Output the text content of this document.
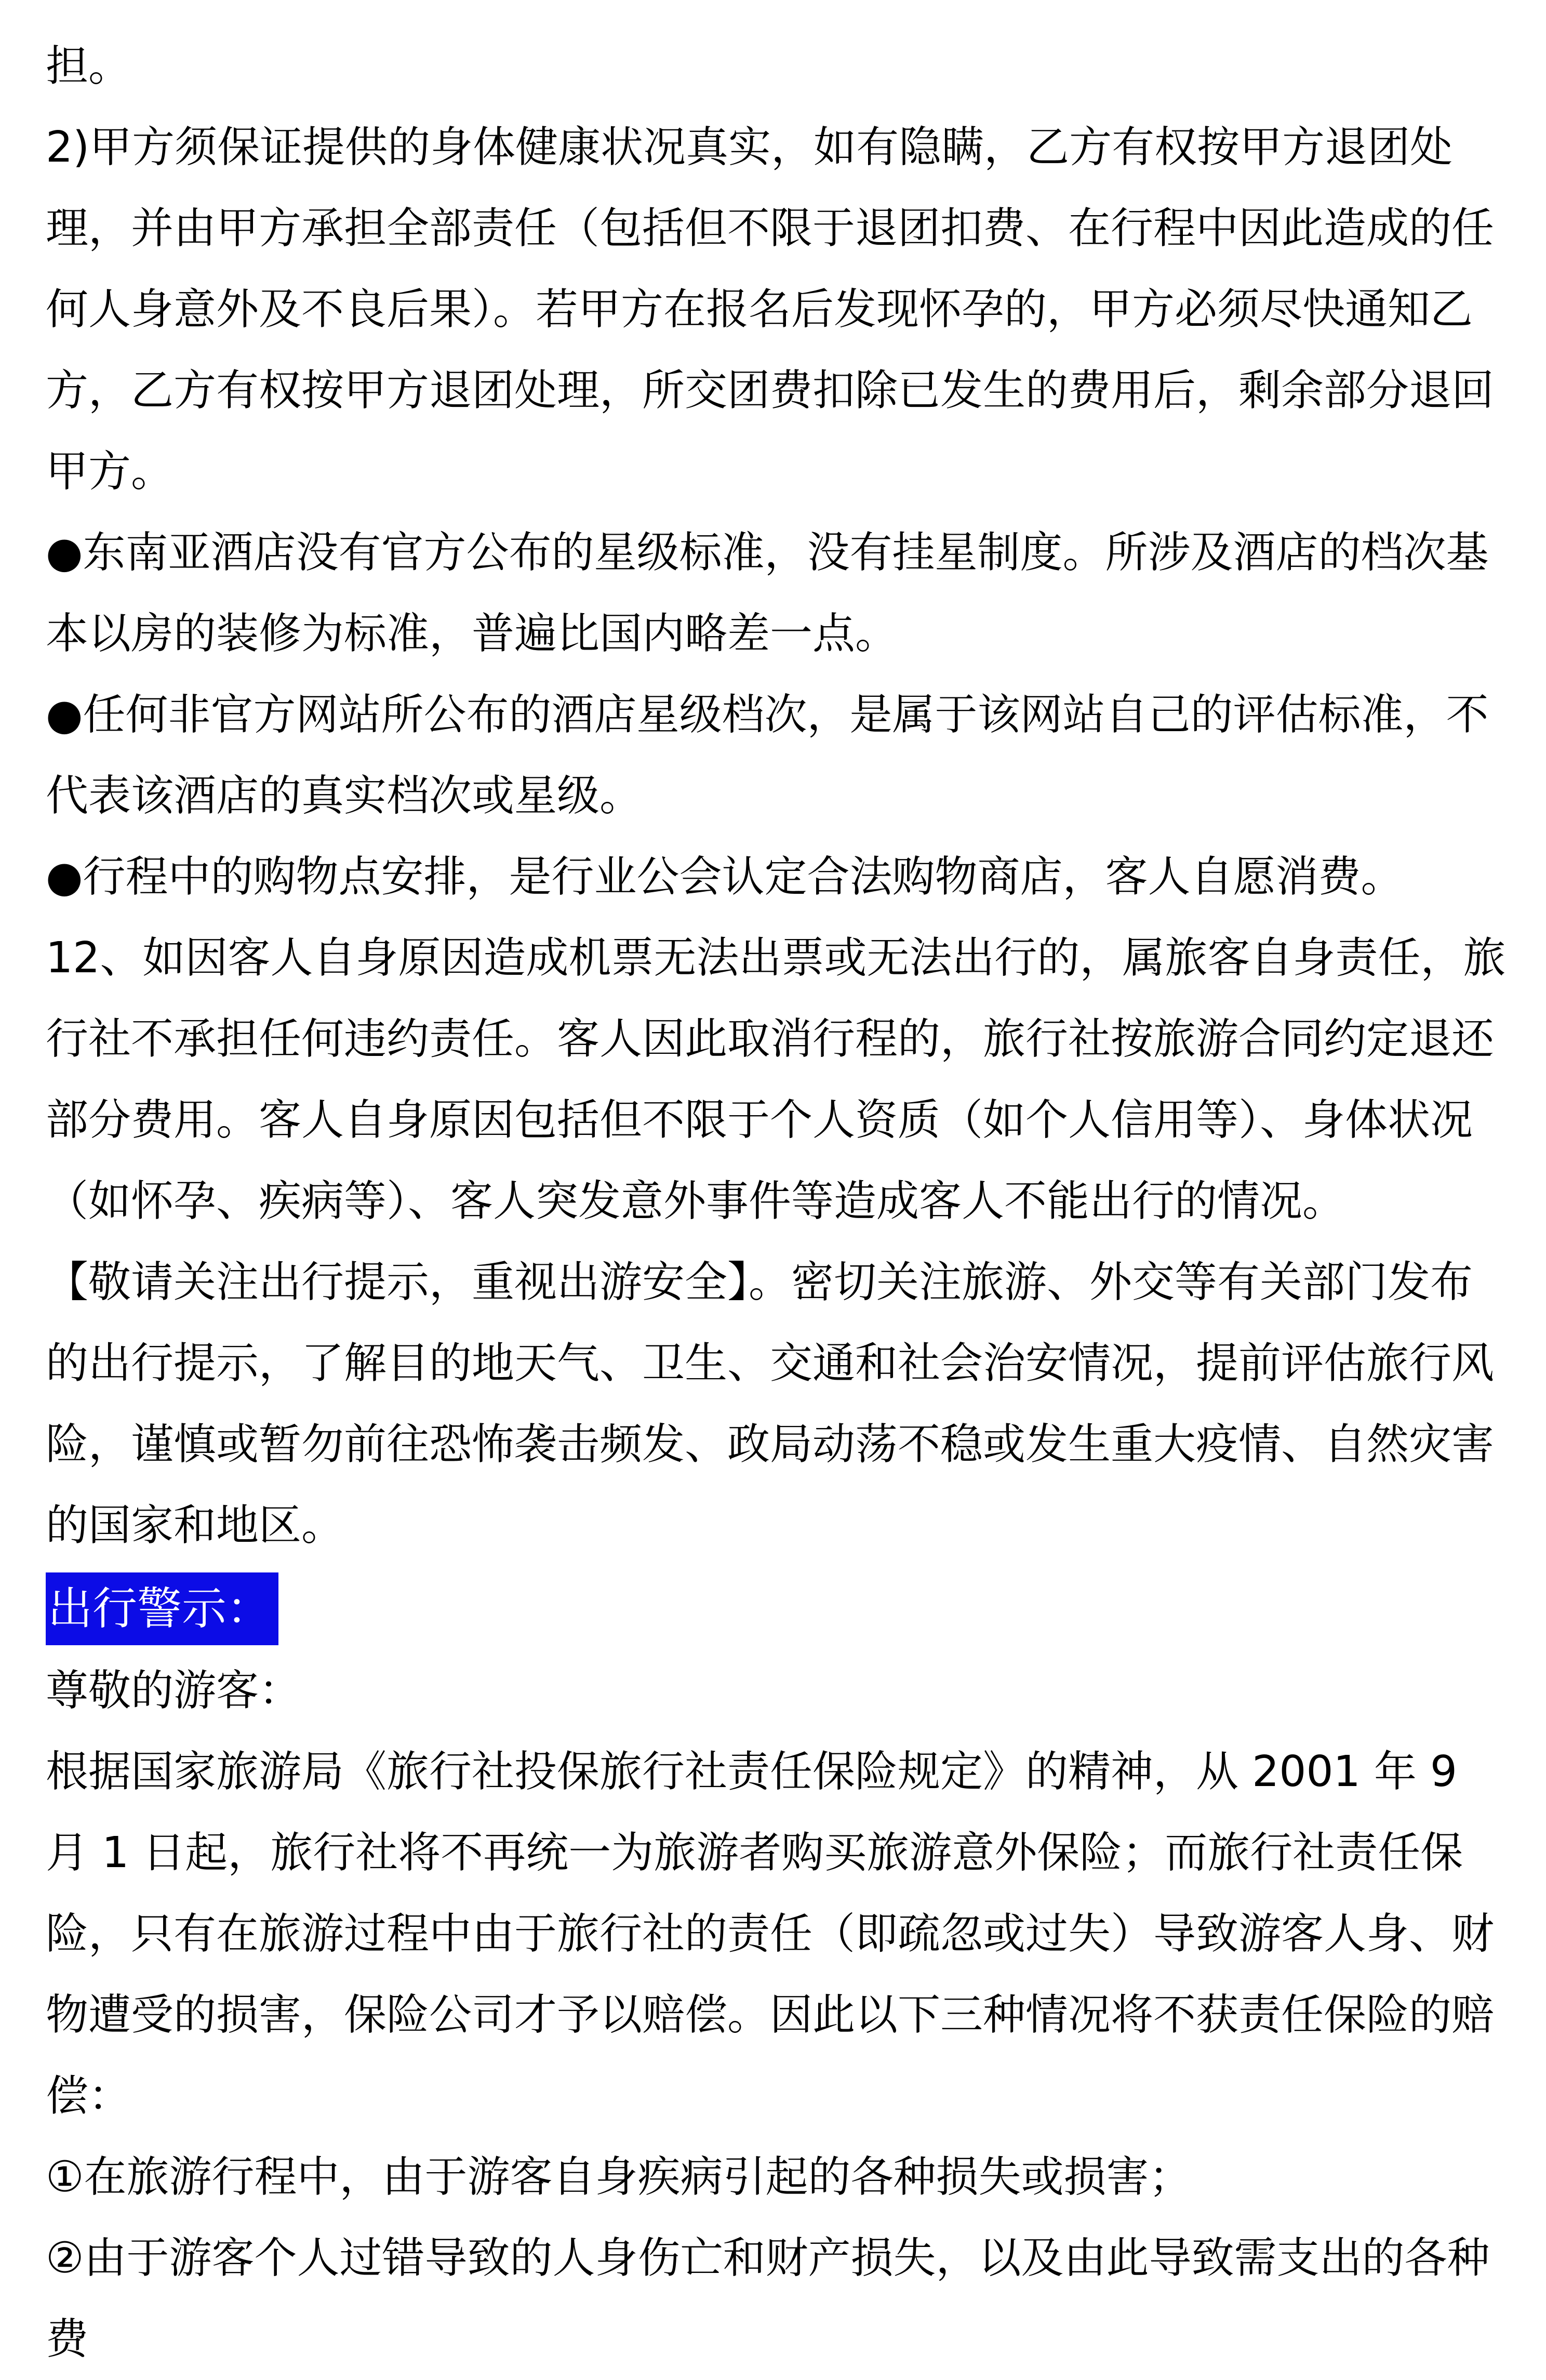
担。

2)甲方须保证提供的身体健康状况真实，如有隐瞒，乙方有权按甲方退团处理，并由甲方承担全部责任（包括但不限于退团扣费、在行程中因此造成的任何人身意外及不良后果）。若甲方在报名后发现怀孕的，甲方必须尽快通知乙方，乙方有权按甲方退团处理，所交团费扣除已发生的费用后，剩余部分退回甲方。

●东南亚酒店没有官方公布的星级标准，没有挂星制度。所涉及酒店的档次基本以房的装修为标准，普遍比国内略差一点。

●任何非官方网站所公布的酒店星级档次，是属于该网站自己的评估标准，不代表该酒店的真实档次或星级。

●行程中的购物点安排，是行业公会认定合法购物商店，客人自愿消费。

12、如因客人自身原因造成机票无法出票或无法出行的，属旅客自身责任，旅行社不承担任何违约责任。客人因此取消行程的，旅行社按旅游合同约定退还部分费用。客人自身原因包括但不限于个人资质（如个人信用等）、身体状况（如怀孕、疾病等）、客人突发意外事件等造成客人不能出行的情况。

【敬请关注出行提示，重视出游安全】。密切关注旅游、外交等有关部门发布的出行提示，了解目的地天气、卫生、交通和社会治安情况，提前评估旅行风险，谨慎或暂勿前往恐怖袭击频发、政局动荡不稳或发生重大疫情、自然灾害的国家和地区。

出行警示：

尊敬的游客：

根据国家旅游局《旅行社投保旅行社责任保险规定》的精神，从 2001 年 9 月 1 日起，旅行社将不再统一为旅游者购买旅游意外保险；而旅行社责任保险，只有在旅游过程中由于旅行社的责任（即疏忽或过失）导致游客人身、财物遭受的损害，保险公司才予以赔偿。因此以下三种情况将不获责任保险的赔偿：

①在旅游行程中，由于游客自身疾病引起的各种损失或损害；

②由于游客个人过错导致的人身伤亡和财产损失，以及由此导致需支出的各种费
